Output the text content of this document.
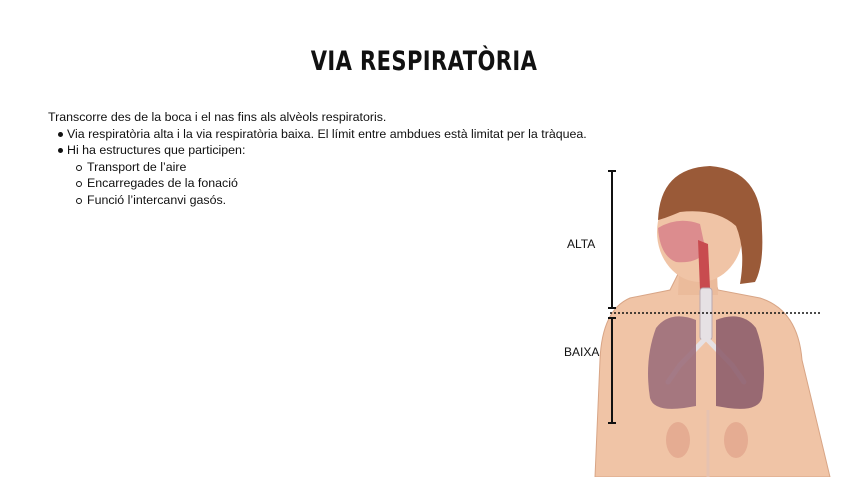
VIA RESPIRATÒRIA

Transcorre des de la boca i el nas fins als alvèols respiratoris.

Via respiratòria alta i la via respiratòria baixa. El límit entre ambdues està limitat per la tràquea.
Hi ha estructures que participen:
Transport de l’aire
Encarregades de la fonació
Funció l’intercanvi gasós.
ALTA
BAIXA
